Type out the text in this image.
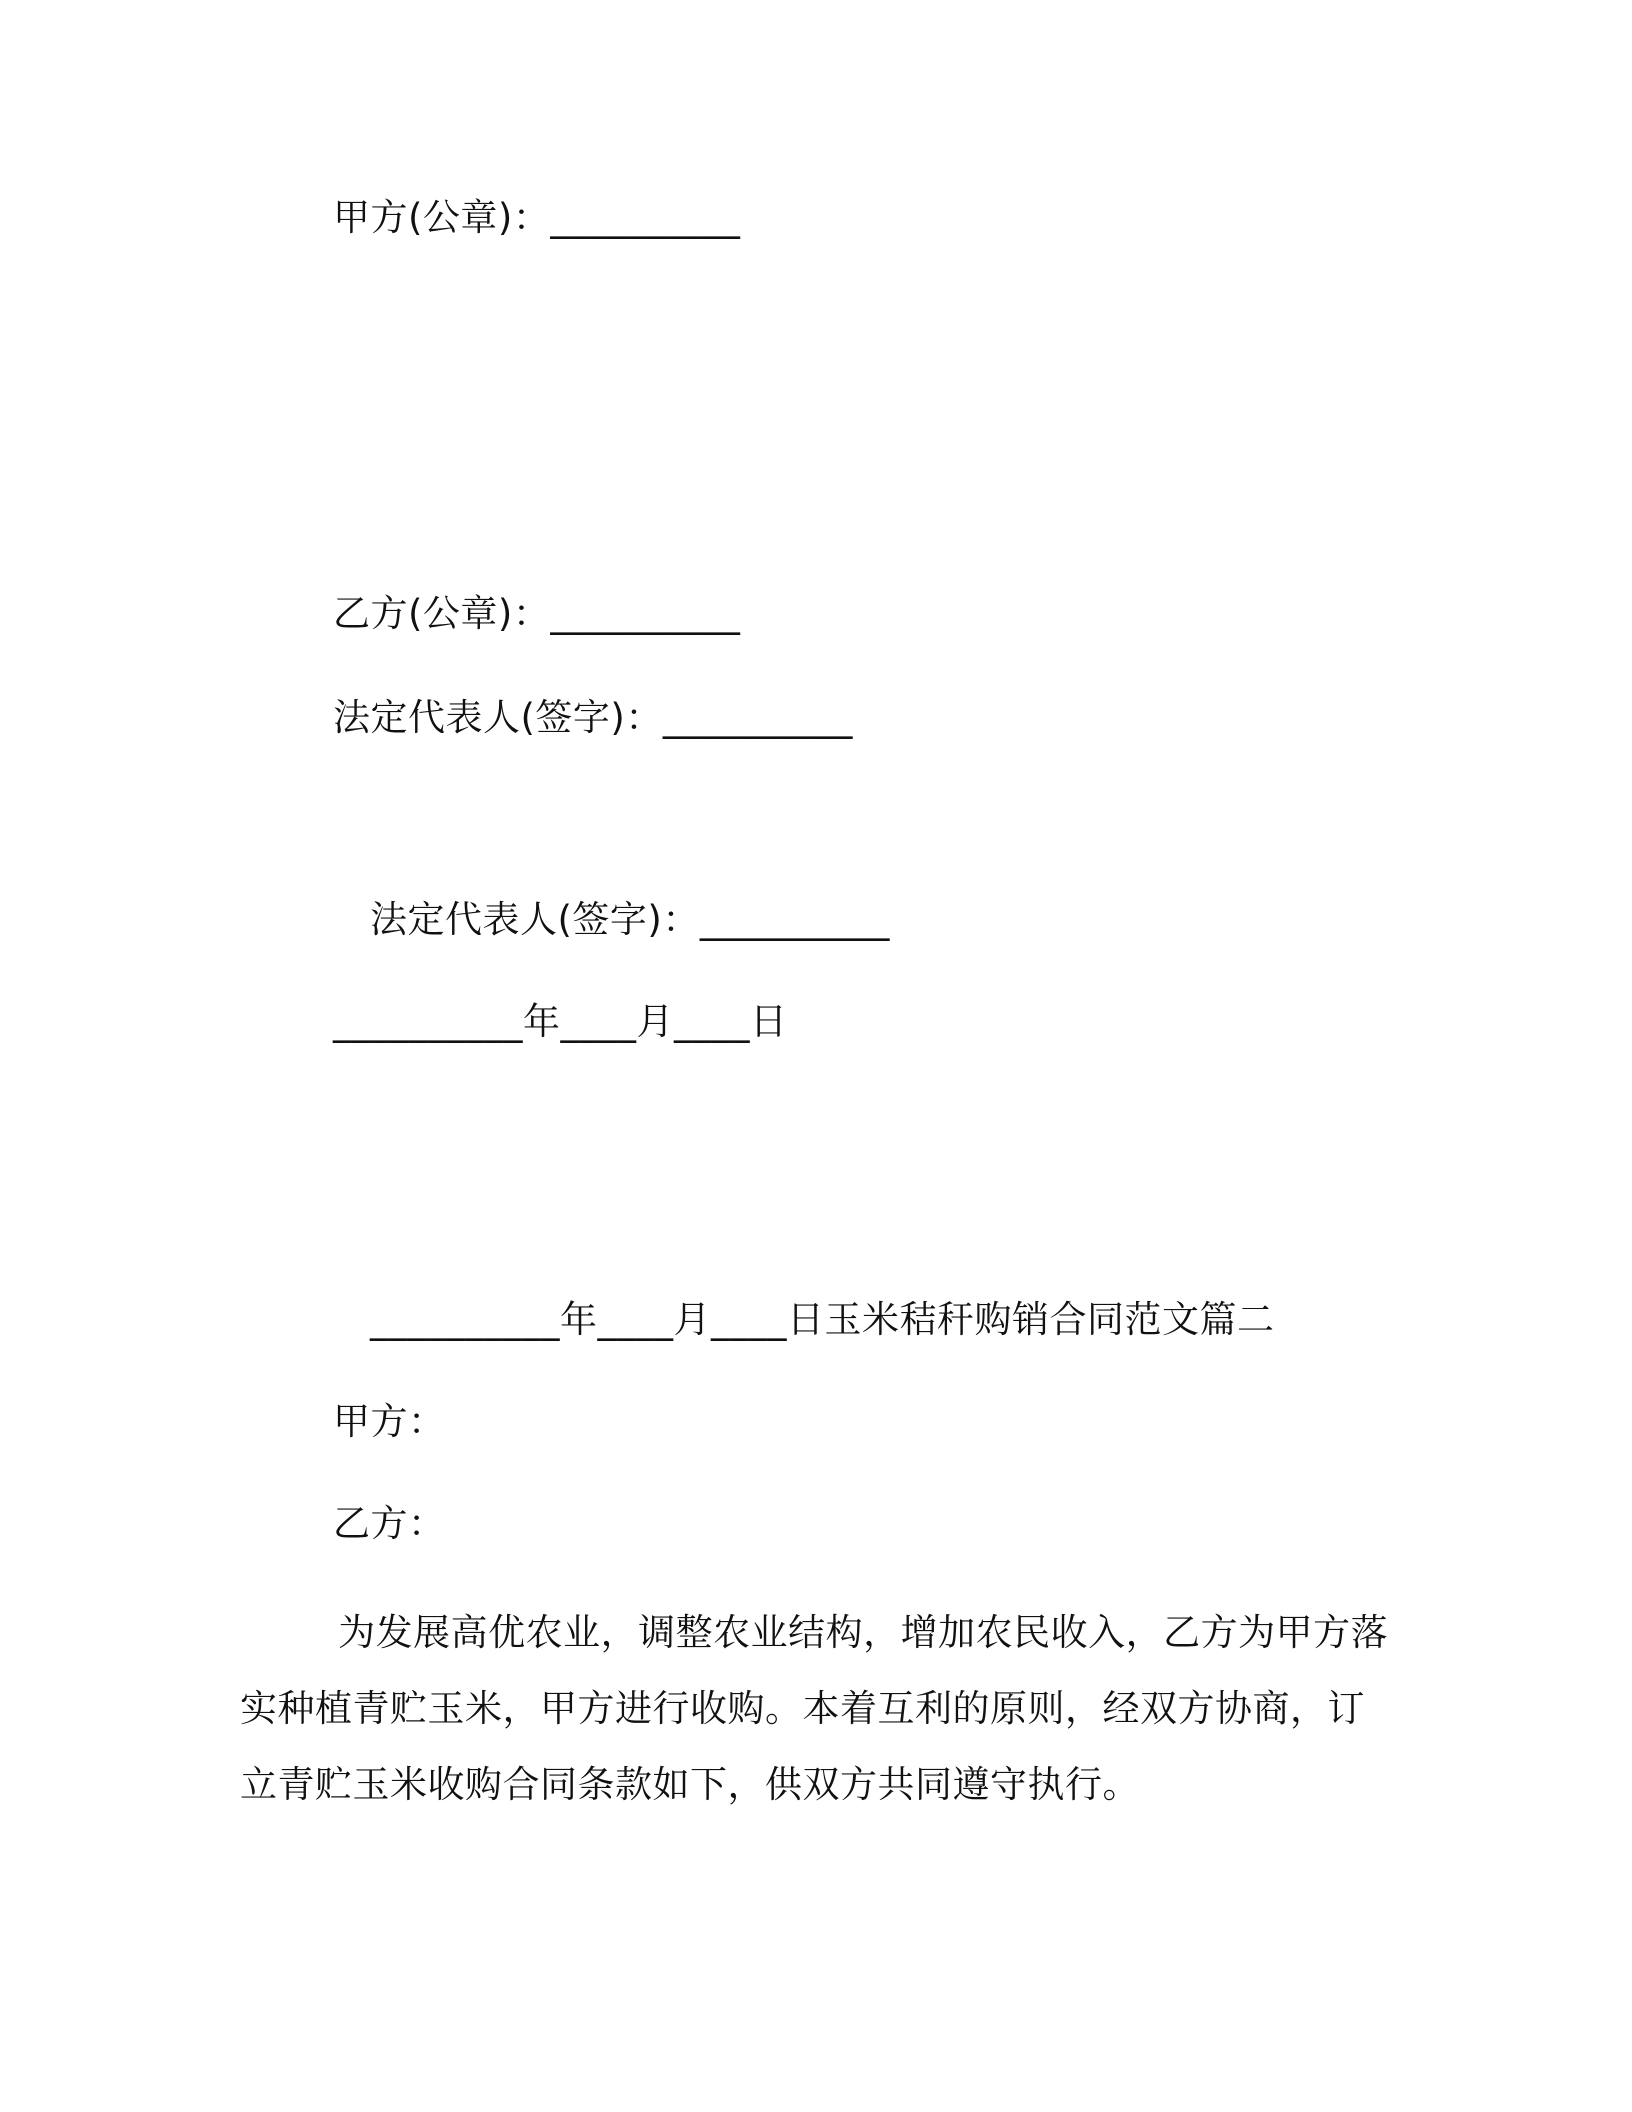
甲方(公章)：__________
乙方(公章)：__________
法定代表人(签字)：__________
法定代表人(签字)：__________
__________年____月____日
__________年____月____日玉米秸秆购销合同范文篇二
甲方：
乙方：

为发展高优农业，调整农业结构，增加农民收入，乙方为甲方落

实种植青贮玉米，甲方进行收购。本着互利的原则，经双方协商，订

立青贮玉米收购合同条款如下，供双方共同遵守执行。
